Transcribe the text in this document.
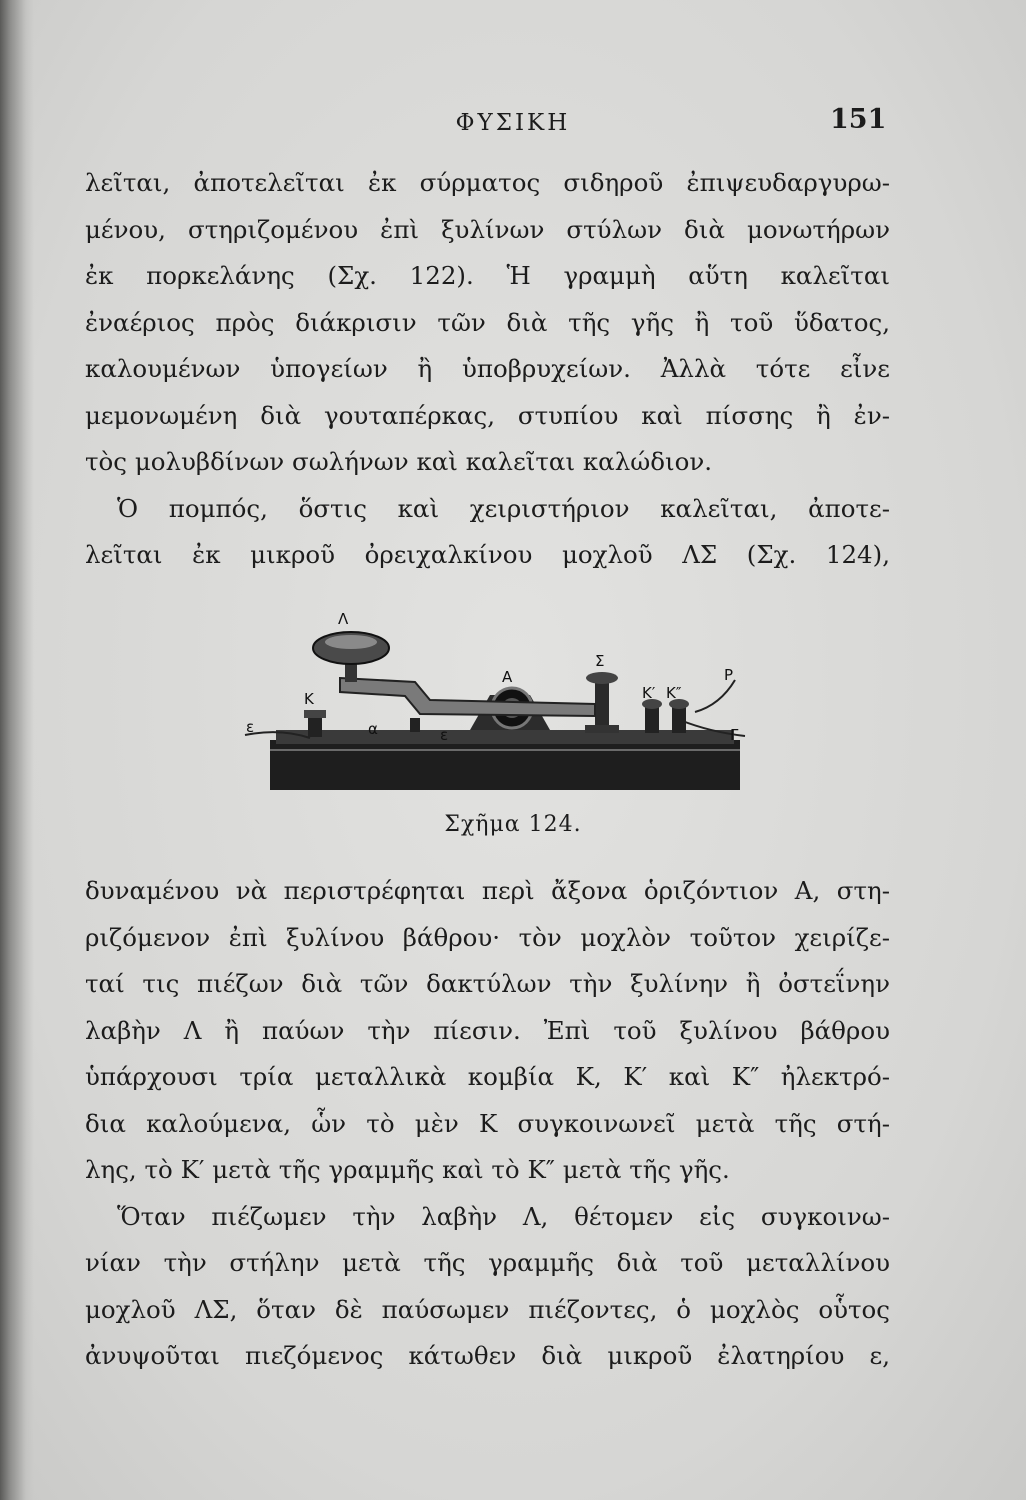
ΦΥΣΙΚΗ	151
λεῖται, ἀποτελεῖται ἐκ σύρματος σιδηροῦ ἐπιψευδαργυρω-
μένου, στηριζομένου ἐπὶ ξυλίνων στύλων διὰ μονωτήρων
ἐκ πορκελάνης (Σχ. 122). Ἡ γραμμὴ αὕτη καλεῖται
ἐναέριος πρὸς διάκρισιν τῶν διὰ τῆς γῆς ἢ τοῦ ὕδατος,
καλουμένων ὑπογείων ἢ ὑποβρυχείων. Ἀλλὰ τότε εἶνε
μεμονωμένη διὰ γουταπέρκας, στυπίου καὶ πίσσης ἢ ἐν-
τὸς μολυβδίνων σωλήνων καὶ καλεῖται καλώδιον.
Ὁ πομπός, ὅστις καὶ χειριστήριον καλεῖται, ἀποτε-
λεῖται ἐκ μικροῦ ὀρειχαλκίνου μοχλοῦ ΛΣ (Σχ. 124),
Λ
Α
Σ
Κ	Κ′ Κ″
Ρ
ε	α	ε	Γ
Σχῆμα 124.
δυναμένου νὰ περιστρέφηται περὶ ἄξονα ὁριζόντιον Α, στη-
ριζόμενον ἐπὶ ξυλίνου βάθρου· τὸν μοχλὸν τοῦτον χειρίζε-
ταί τις πιέζων διὰ τῶν δακτύλων τὴν ξυλίνην ἢ ὀστεΐνην
λαβὴν Λ ἢ παύων τὴν πίεσιν. Ἐπὶ τοῦ ξυλίνου βάθρου
ὑπάρχουσι τρία μεταλλικὰ κομβία Κ, Κ′ καὶ Κ″ ἠλεκτρό-
δια καλούμενα, ὧν τὸ μὲν Κ συγκοινωνεῖ μετὰ τῆς στή-
λης, τὸ Κ′ μετὰ τῆς γραμμῆς καὶ τὸ Κ″ μετὰ τῆς γῆς.
Ὅταν πιέζωμεν τὴν λαβὴν Λ, θέτομεν εἰς συγκοινω-
νίαν τὴν στήλην μετὰ τῆς γραμμῆς διὰ τοῦ μεταλλίνου
μοχλοῦ ΛΣ, ὅταν δὲ παύσωμεν πιέζοντες, ὁ μοχλὸς οὗτος
ἀνυψοῦται πιεζόμενος κάτωθεν διὰ μικροῦ ἐλατηρίου ε,
